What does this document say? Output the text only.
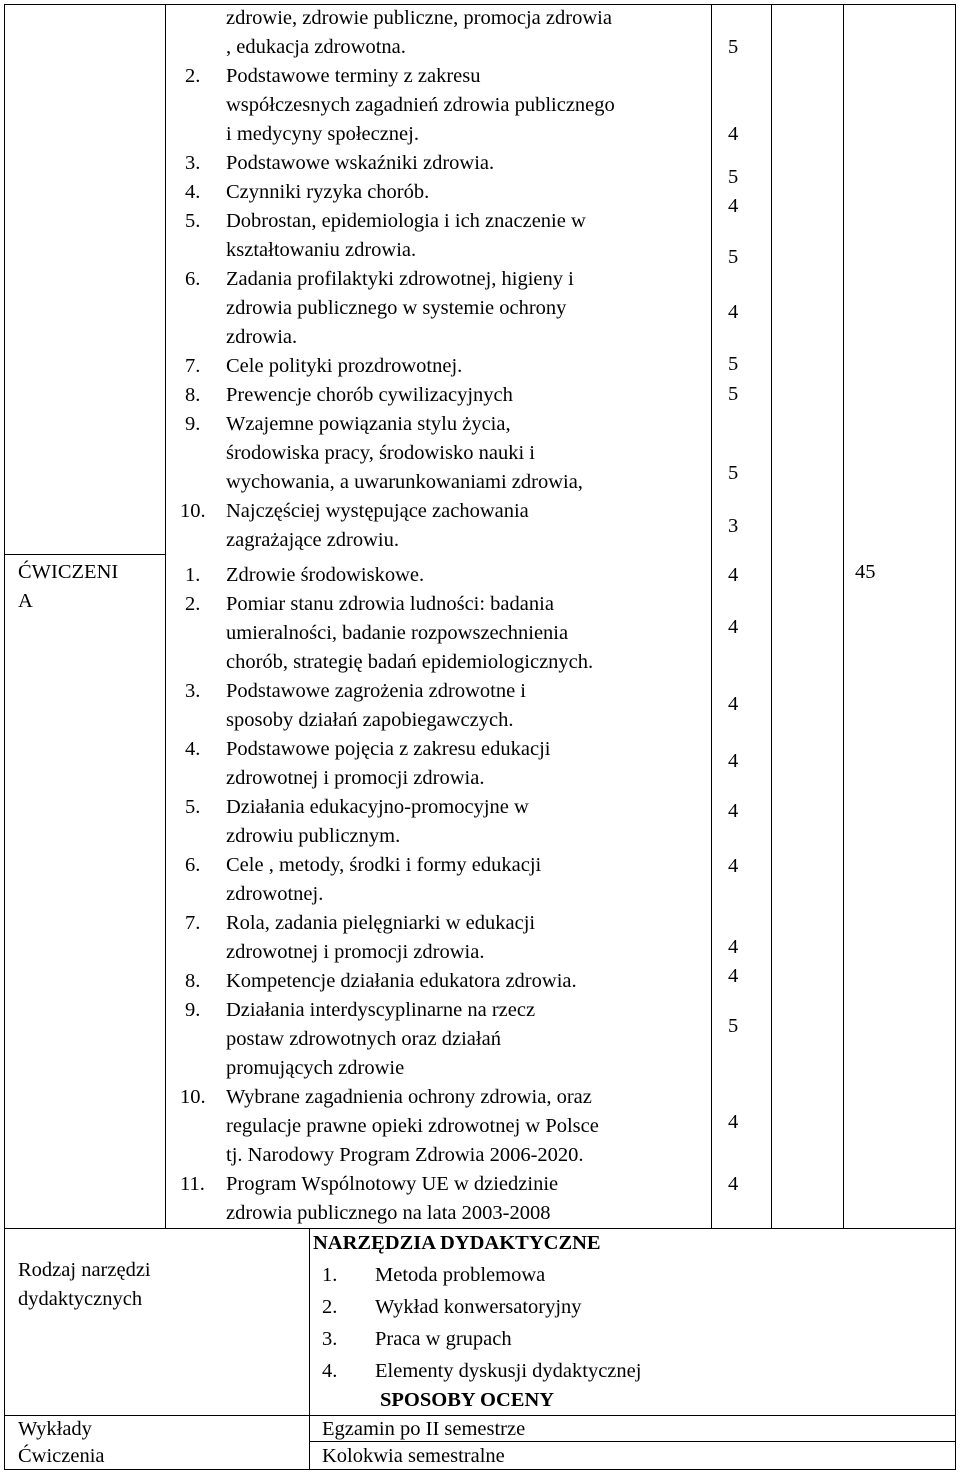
ĆWICZENI
A
Rodzaj narzędzi
dydaktycznych
Wykłady
Ćwiczenia
zdrowie, zdrowie publiczne, promocja zdrowia
, edukacja zdrowotna.
2. Podstawowe terminy z zakresu
współczesnych zagadnień zdrowia publicznego
i medycyny społecznej.
3. Podstawowe wskaźniki zdrowia.
4. Czynniki ryzyka chorób.
5. Dobrostan, epidemiologia i ich znaczenie w
kształtowaniu zdrowia.
6. Zadania profilaktyki zdrowotnej, higieny i
zdrowia publicznego w systemie ochrony
zdrowia.
7. Cele polityki prozdrowotnej.
8. Prewencje chorób cywilizacyjnych
9. Wzajemne powiązania stylu życia,
środowiska pracy, środowisko nauki i
wychowania, a uwarunkowaniami zdrowia,
10. Najczęściej występujące zachowania
zagrażające zdrowiu.
1. Zdrowie środowiskowe.
2. Pomiar stanu zdrowia ludności: badania
umieralności, badanie rozpowszechnienia
chorób, strategię badań epidemiologicznych.
3. Podstawowe zagrożenia zdrowotne i
sposoby działań zapobiegawczych.
4. Podstawowe pojęcia z zakresu edukacji
zdrowotnej i promocji zdrowia.
5. Działania edukacyjno-promocyjne w
zdrowiu publicznym.
6. Cele , metody, środki i formy edukacji
zdrowotnej.
7. Rola, zadania pielęgniarki w edukacji
zdrowotnej i promocji zdrowia.
8. Kompetencje działania edukatora zdrowia.
9. Działania interdyscyplinarne na rzecz
postaw zdrowotnych oraz działań
promujących zdrowie
10. Wybrane zagadnienia ochrony zdrowia, oraz
regulacje prawne opieki zdrowotnej w Polsce
tj. Narodowy Program Zdrowia 2006-2020.
11. Program Wspólnotowy UE w dziedzinie
zdrowia publicznego na lata 2003-2008
5
4
5
4
5
4
5
5
5
3
4
4
4
4
4
4
4
4
5
4
4
45
NARZĘDZIA DYDAKTYCZNE
1. Metoda problemowa
2. Wykład konwersatoryjny
3. Praca w grupach
4. Elementy dyskusji dydaktycznej
SPOSOBY OCENY
Egzamin po II semestrze
Kolokwia semestralne
